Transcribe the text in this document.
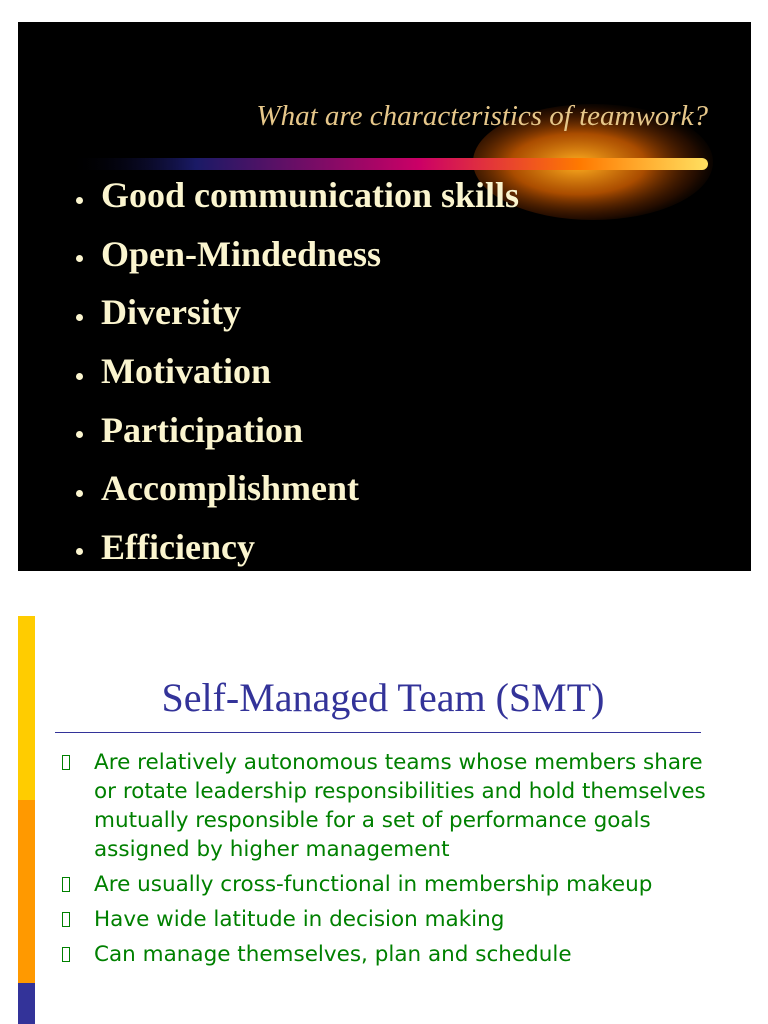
What are characteristics of teamwork?
Good communication skills
Open-Mindedness
Diversity
Motivation
Participation
Accomplishment
Efficiency
Self-Managed Team (SMT)
Are relatively autonomous teams whose members share or rotate leadership responsibilities and hold themselves mutually responsible for a set of performance goals assigned by higher management
Are usually cross-functional in membership makeup
Have wide latitude in decision making
Can manage themselves, plan and schedule
